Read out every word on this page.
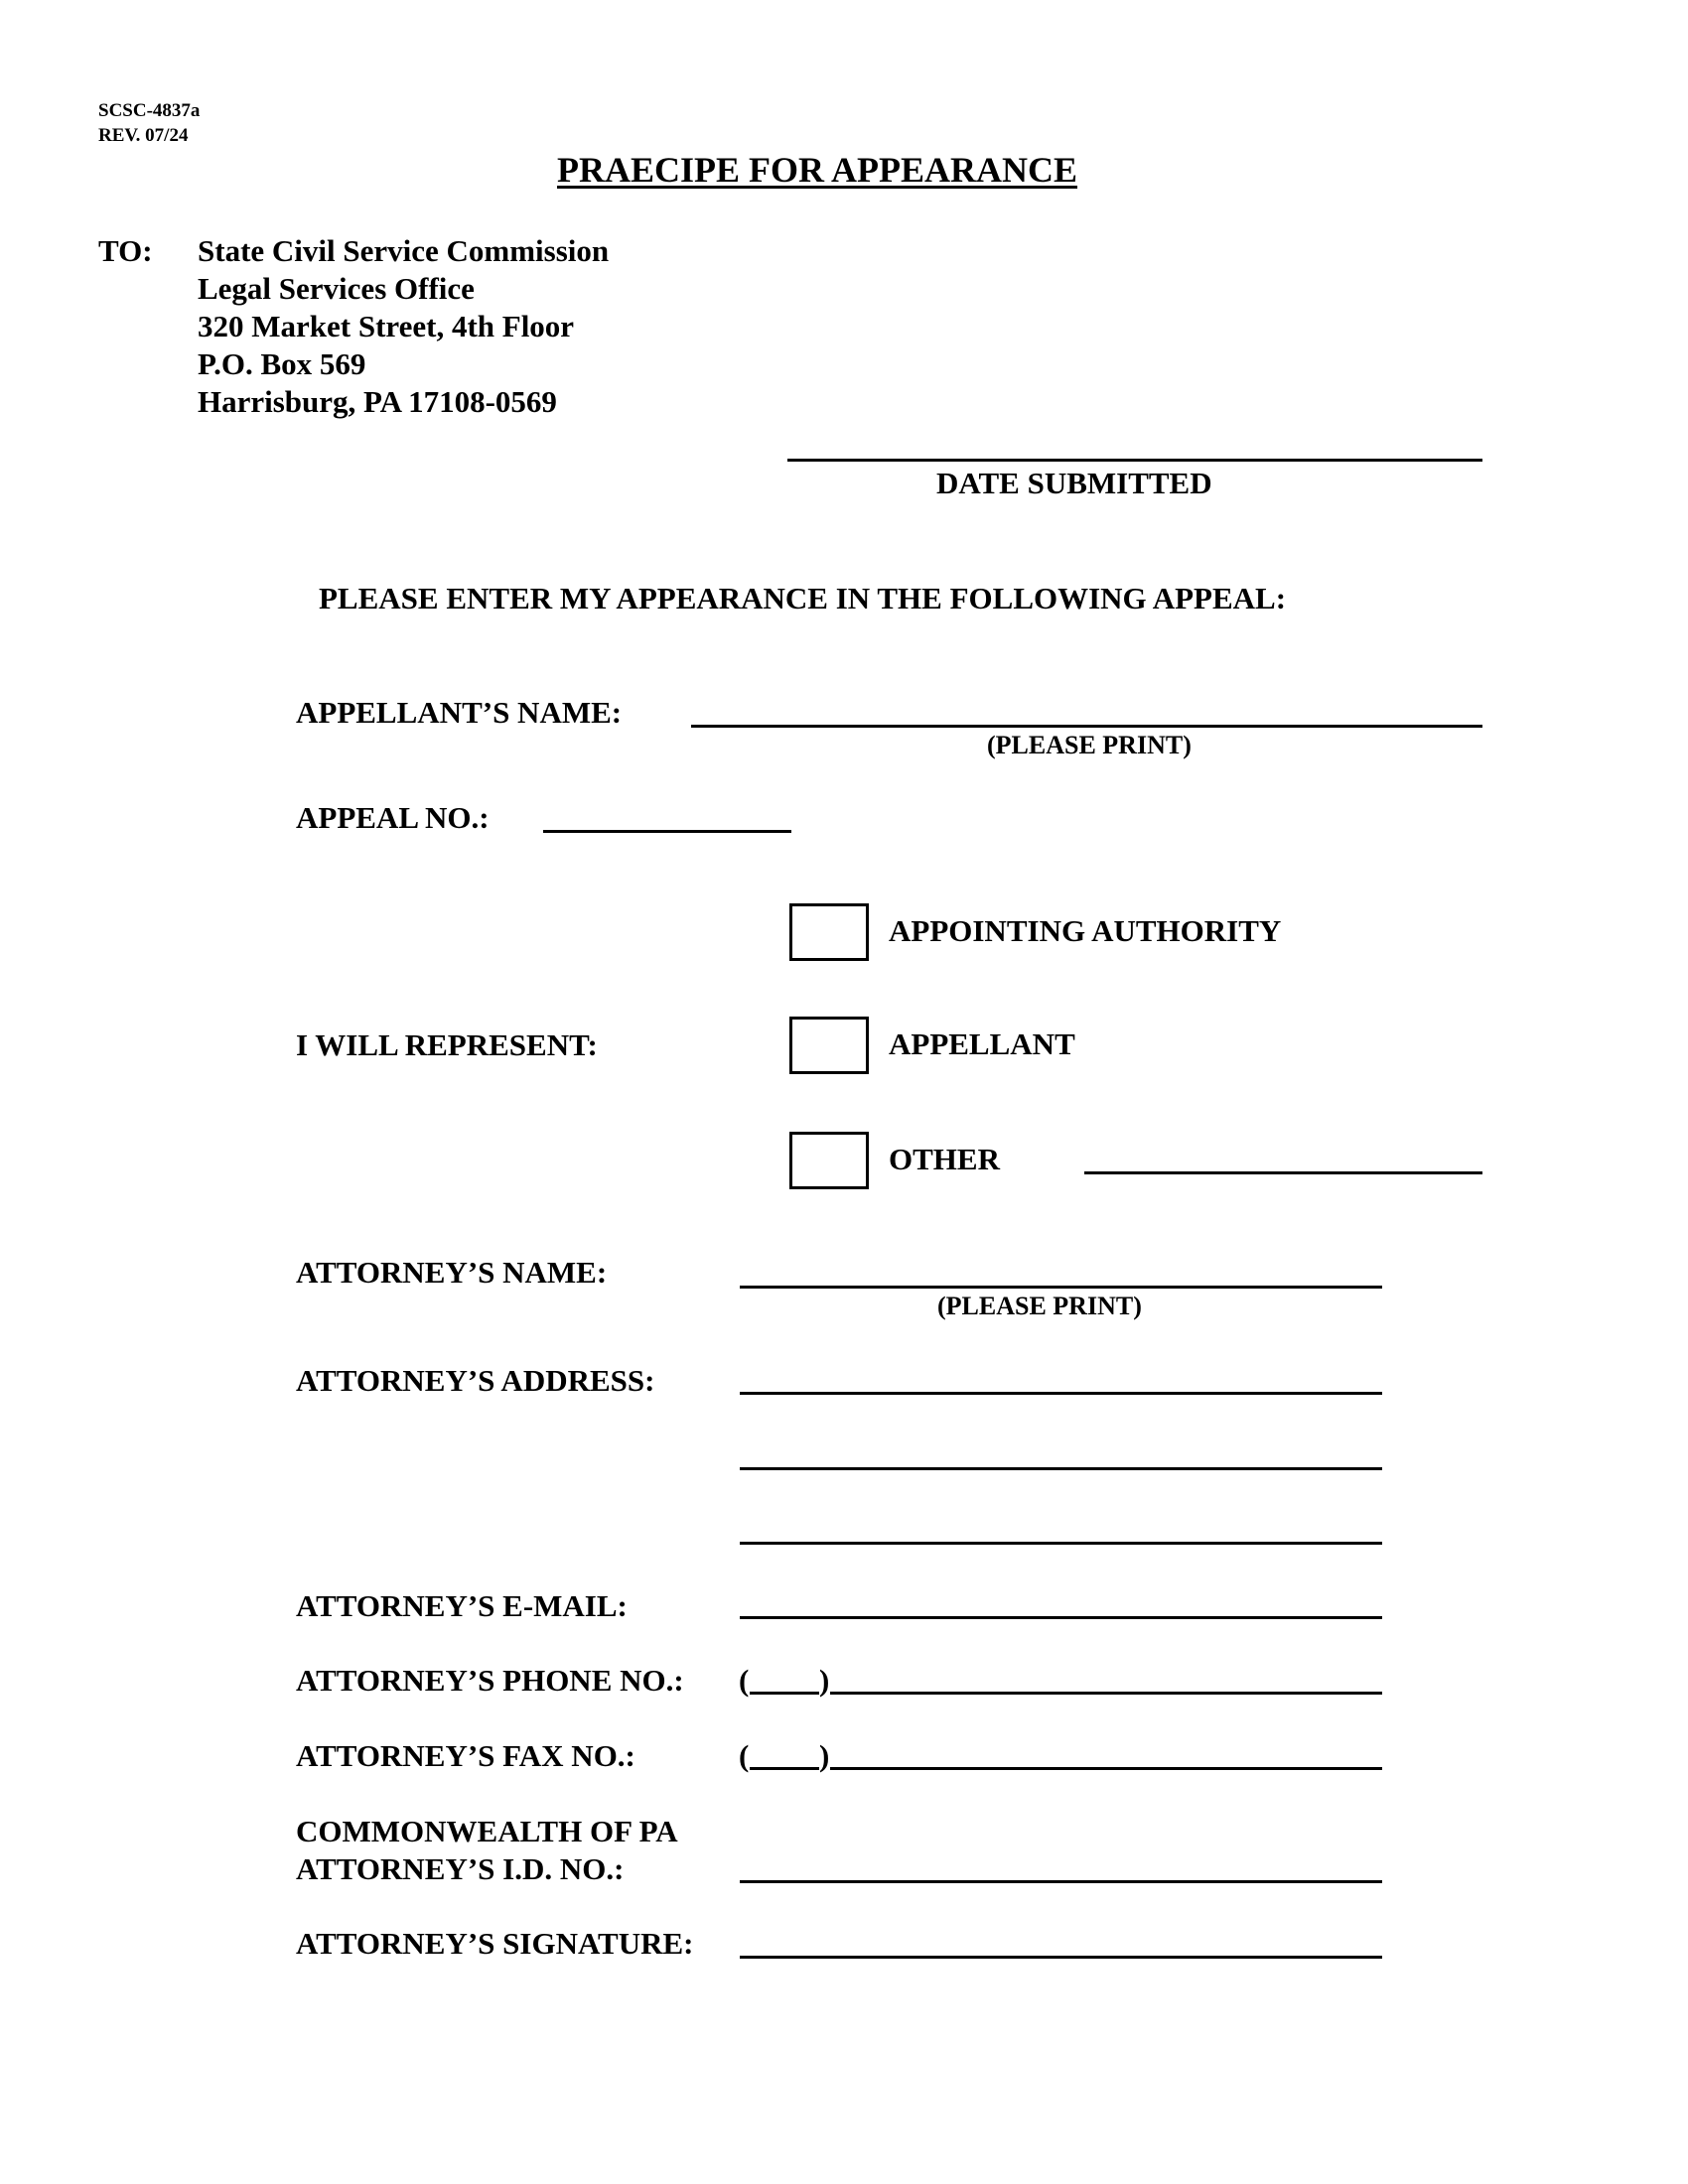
SCSC-4837a
REV. 07/24
PRAECIPE FOR APPEARANCE
TO: State Civil Service Commission
Legal Services Office
320 Market Street, 4th Floor
P.O. Box 569
Harrisburg, PA 17108-0569
DATE SUBMITTED
PLEASE ENTER MY APPEARANCE IN THE FOLLOWING APPEAL:
APPELLANT’S NAME:
(PLEASE PRINT)
APPEAL NO.:
APPOINTING AUTHORITY
I WILL REPRESENT:	APPELLANT
OTHER
ATTORNEY’S NAME:
(PLEASE PRINT)
ATTORNEY’S ADDRESS:
ATTORNEY’S E-MAIL:
ATTORNEY’S PHONE NO.: ( )
ATTORNEY’S FAX NO.:	( )
COMMONWEALTH OF PA
ATTORNEY’S I.D. NO.:
ATTORNEY’S SIGNATURE:
